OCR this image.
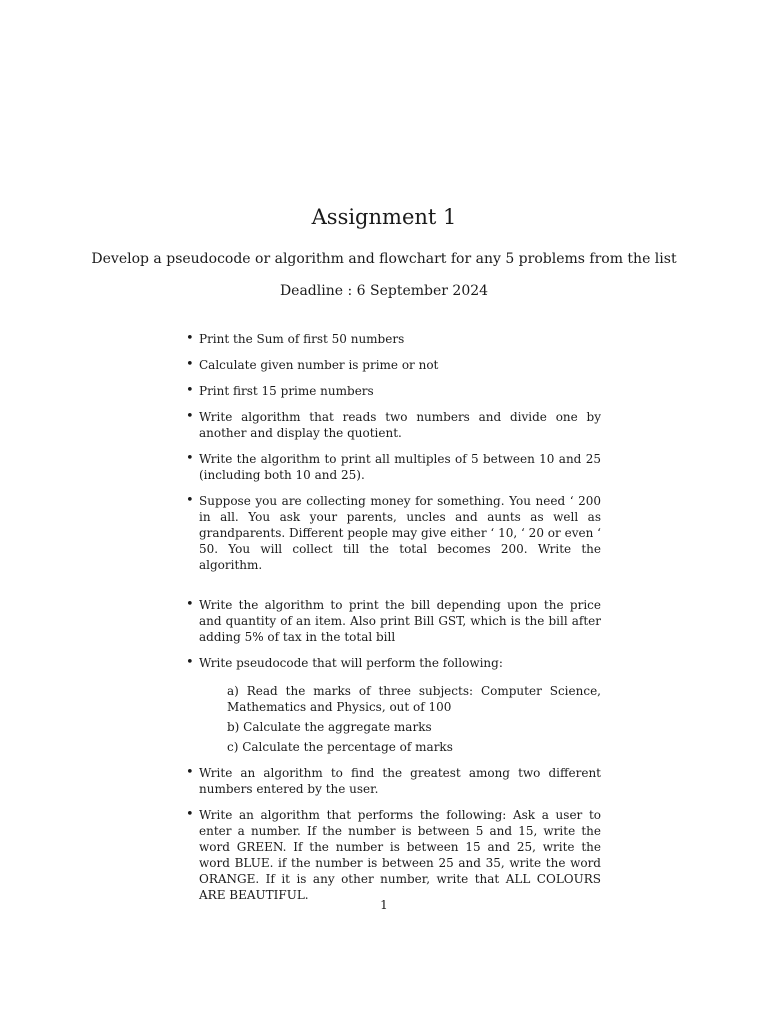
Assignment 1

Develop a pseudocode or algorithm and flowchart for any 5 problems from the list

Deadline : 6 September 2024

• Print the Sum of first 50 numbers
• Calculate given number is prime or not
• Print first 15 prime numbers
• Write algorithm that reads two numbers and divide one by another and display the quotient.
• Write the algorithm to print all multiples of 5 between 10 and 25 (including both 10 and 25).
• Suppose you are collecting money for something. You need ‘ 200 in all. You ask your parents, uncles and aunts as well as grandparents. Different people may give either ‘ 10, ‘ 20 or even ‘ 50. You will collect till the total becomes 200. Write the algorithm.
• Write the algorithm to print the bill depending upon the price and quantity of an item. Also print Bill GST, which is the bill after adding 5% of tax in the total bill
• Write pseudocode that will perform the following:
a) Read the marks of three subjects: Computer Science, Mathematics and Physics, out of 100
b) Calculate the aggregate marks
c) Calculate the percentage of marks
• Write an algorithm to find the greatest among two different numbers entered by the user.
• Write an algorithm that performs the following: Ask a user to enter a number. If the number is between 5 and 15, write the word GREEN. If the number is between 15 and 25, write the word BLUE. if the number is between 25 and 35, write the word ORANGE. If it is any other number, write that ALL COLOURS ARE BEAUTIFUL.

1
